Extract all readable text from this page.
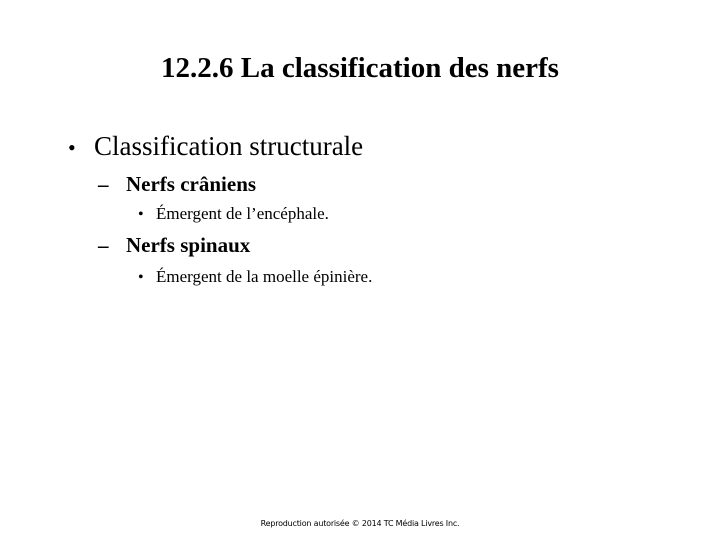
12.2.6 La classification des nerfs
• Classification structurale
– Nerfs crâniens
• Émergent de l’encéphale.
– Nerfs spinaux
• Émergent de la moelle épinière.
Reproduction autorisée © 2014 TC Média Livres Inc.
